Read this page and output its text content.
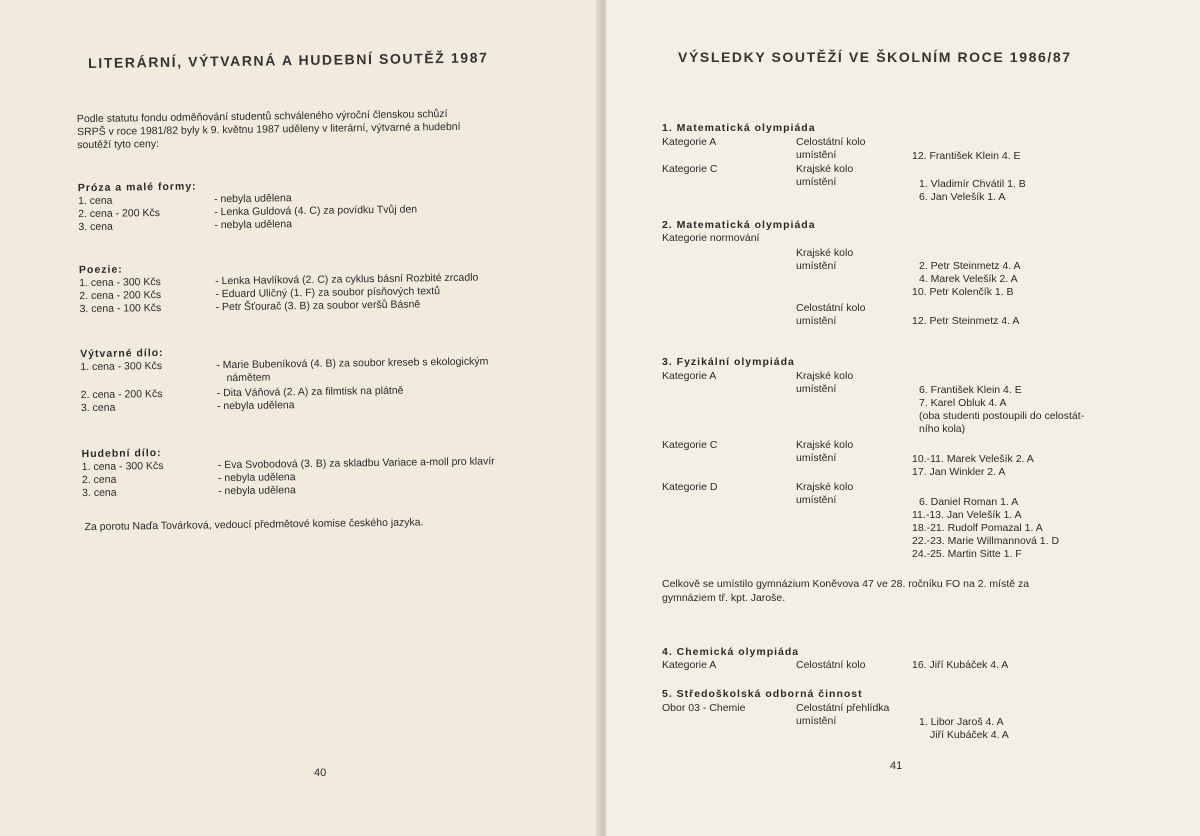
LITERÁRNÍ, VÝTVARNÁ A HUDEBNÍ SOUTĚŽ 1987
Podle statutu fondu odměňování studentů schváleného výroční členskou schůzí
SRPŠ v roce 1981/82 byly k 9. květnu 1987 uděleny v literární, výtvarné a hudební
soutěží tyto ceny:
Próza a malé formy:
1. cena	- nebyla udělena
2. cena - 200 Kčs	- Lenka Guldová (4. C) za povídku Tvůj den
3. cena	- nebyla udělena
Poezie:
1. cena - 300 Kčs	- Lenka Havlíková (2. C) za cyklus básní Rozbité zrcadlo
2. cena - 200 Kčs	- Eduard Uličný (1. F) za soubor písňových textů
3. cena - 100 Kčs	- Petr Šťourač (3. B) za soubor veršů Básně
Výtvarné dílo:
1. cena - 300 Kčs	- Marie Bubeníková (4. B) za soubor kreseb s ekologickým
námětem
2. cena - 200 Kčs	- Dita Váňová (2. A) za filmtisk na plátně
3. cena	- nebyla udělena
Hudební dílo:
1. cena - 300 Kčs	- Eva Svobodová (3. B) za skladbu Variace a-moll pro klavír
2. cena	- nebyla udělena
3. cena	- nebyla udělena
Za porotu Naďa Továrková, vedoucí předmětové komise českého jazyka.
40
VÝSLEDKY SOUTĚŽÍ VE ŠKOLNÍM ROCE 1986/87
1. Matematická olympiáda
Kategorie A	Celostátní kolo
umístění	12. František Klein 4. E
Kategorie C	Krajské kolo
umístění	1. Vladimír Chvátil 1. B
6. Jan Velešík 1. A
2. Matematická olympiáda
Kategorie normování
Krajské kolo
umístění	2. Petr Steinmetz 4. A
4. Marek Velešík 2. A
10. Petr Kolenčík 1. B
Celostátní kolo
umístění	12. Petr Steinmetz 4. A
3. Fyzikální olympiáda
Kategorie A	Krajské kolo
umístění	6. František Klein 4. E
7. Karel Obluk 4. A
(oba studenti postoupili do celostát-
ního kola)
Kategorie C	Krajské kolo
umístění	10.-11. Marek Velešík 2. A
17. Jan Winkler 2. A
Kategorie D	Krajské kolo
umístění	6. Daniel Roman 1. A
11.-13. Jan Velešík 1. A
18.-21. Rudolf Pomazal 1. A
22.-23. Marie Willmannová 1. D
24.-25. Martin Sitte 1. F
Celkově se umístilo gymnázium Koněvova 47 ve 28. ročníku FO na 2. místě za
gymnáziem tř. kpt. Jaroše.
4. Chemická olympiáda
Kategorie A	Celostátní kolo	16. Jiří Kubáček 4. A
5. Středoškolská odborná činnost
Obor 03 - Chemie	Celostátní přehlídka
umístění	1. Libor Jaroš 4. A
Jiří Kubáček 4. A
41
